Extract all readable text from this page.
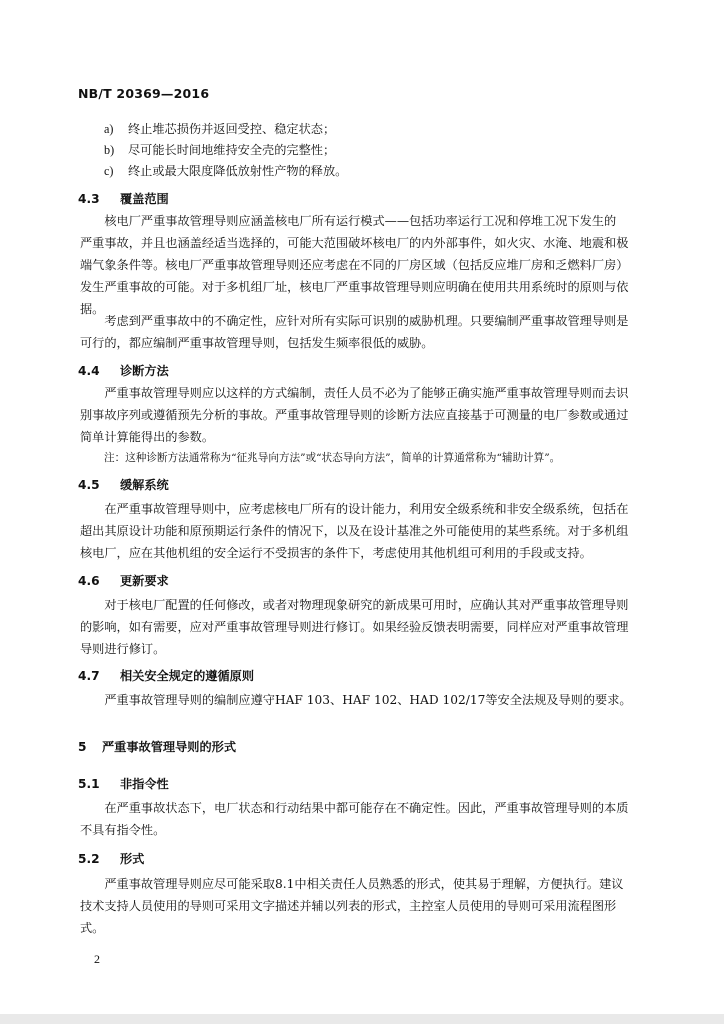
NB/T 20369—2016
a) 终止堆芯损伤并返回受控、稳定状态；
b) 尽可能长时间地维持安全壳的完整性；
c) 终止或最大限度降低放射性产物的释放。
4.3 覆盖范围
　　核电厂严重事故管理导则应涵盖核电厂所有运行模式——包括功率运行工况和停堆工况下发生的
严重事故，并且也涵盖经适当选择的，可能大范围破坏核电厂的内外部事件，如火灾、水淹、地震和极
端气象条件等。核电厂严重事故管理导则还应考虑在不同的厂房区域（包括反应堆厂房和乏燃料厂房）
发生严重事故的可能。对于多机组厂址，核电厂严重事故管理导则应明确在使用共用系统时的原则与依
据。
　　考虑到严重事故中的不确定性，应针对所有实际可识别的威胁机理。只要编制严重事故管理导则是
可行的，都应编制严重事故管理导则，包括发生频率很低的威胁。
4.4 诊断方法
　　严重事故管理导则应以这样的方式编制，责任人员不必为了能够正确实施严重事故管理导则而去识
别事故序列或遵循预先分析的事故。严重事故管理导则的诊断方法应直接基于可测量的电厂参数或通过
简单计算能得出的参数。
注：这种诊断方法通常称为“征兆导向方法”或“状态导向方法”，简单的计算通常称为“辅助计算”。
4.5 缓解系统
　　在严重事故管理导则中，应考虑核电厂所有的设计能力，利用安全级系统和非安全级系统，包括在
超出其原设计功能和原预期运行条件的情况下，以及在设计基准之外可能使用的某些系统。对于多机组
核电厂，应在其他机组的安全运行不受损害的条件下，考虑使用其他机组可利用的手段或支持。
4.6 更新要求
　　对于核电厂配置的任何修改，或者对物理现象研究的新成果可用时，应确认其对严重事故管理导则
的影响，如有需要，应对严重事故管理导则进行修订。如果经验反馈表明需要，同样应对严重事故管理
导则进行修订。
4.7 相关安全规定的遵循原则
　　严重事故管理导则的编制应遵守HAF 103、HAF 102、HAD 102/17等安全法规及导则的要求。
5 严重事故管理导则的形式
5.1 非指令性
　　在严重事故状态下，电厂状态和行动结果中都可能存在不确定性。因此，严重事故管理导则的本质
不具有指令性。
5.2 形式
　　严重事故管理导则应尽可能采取8.1中相关责任人员熟悉的形式，使其易于理解，方便执行。建议
技术支持人员使用的导则可采用文字描述并辅以列表的形式，主控室人员使用的导则可采用流程图形
式。
2
